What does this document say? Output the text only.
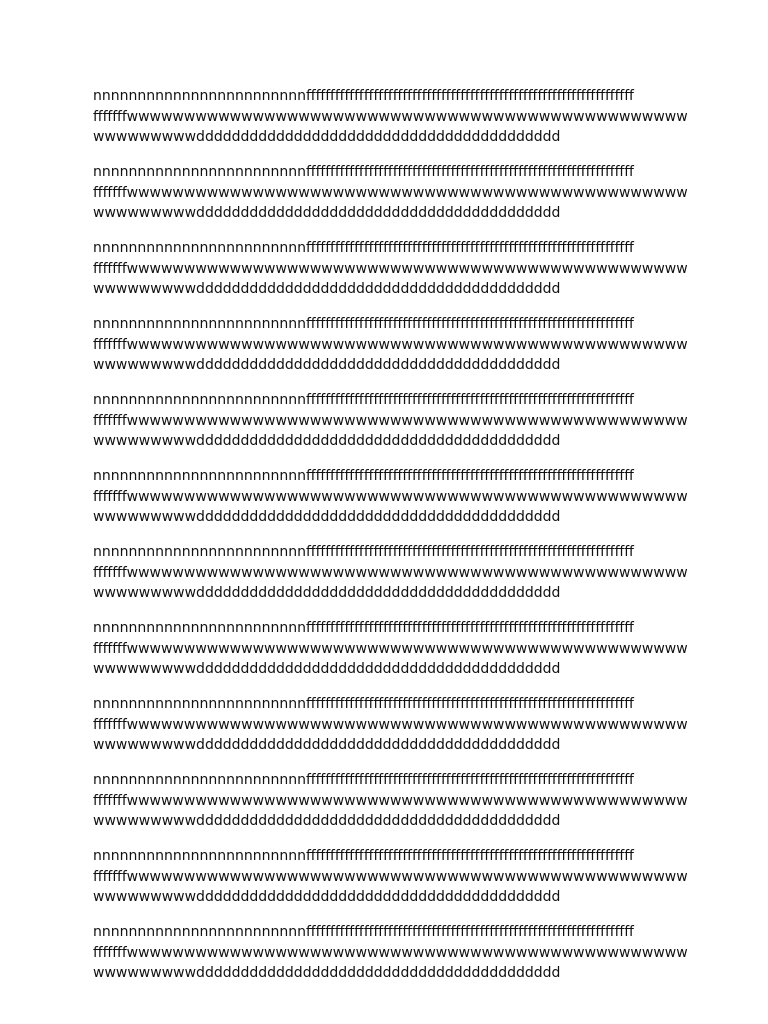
nnnnnnnnnnnnnnnnnnnnnnnnffffffffffffffffffffffffffffffffffffffffffffffffffffffffffffffffffff
fffffffwwwwwwwwwwwwwwwwwwwwwwwwwwwwwwwwwwwwwwwwwwwwwwwww
wwwwwwwwwddddddddddddddddddddddddddddddddddddddddd
nnnnnnnnnnnnnnnnnnnnnnnnffffffffffffffffffffffffffffffffffffffffffffffffffffffffffffffffffff
fffffffwwwwwwwwwwwwwwwwwwwwwwwwwwwwwwwwwwwwwwwwwwwwwwwww
wwwwwwwwwddddddddddddddddddddddddddddddddddddddddd
nnnnnnnnnnnnnnnnnnnnnnnnffffffffffffffffffffffffffffffffffffffffffffffffffffffffffffffffffff
fffffffwwwwwwwwwwwwwwwwwwwwwwwwwwwwwwwwwwwwwwwwwwwwwwwww
wwwwwwwwwddddddddddddddddddddddddddddddddddddddddd
nnnnnnnnnnnnnnnnnnnnnnnnffffffffffffffffffffffffffffffffffffffffffffffffffffffffffffffffffff
fffffffwwwwwwwwwwwwwwwwwwwwwwwwwwwwwwwwwwwwwwwwwwwwwwwww
wwwwwwwwwddddddddddddddddddddddddddddddddddddddddd
nnnnnnnnnnnnnnnnnnnnnnnnffffffffffffffffffffffffffffffffffffffffffffffffffffffffffffffffffff
fffffffwwwwwwwwwwwwwwwwwwwwwwwwwwwwwwwwwwwwwwwwwwwwwwwww
wwwwwwwwwddddddddddddddddddddddddddddddddddddddddd
nnnnnnnnnnnnnnnnnnnnnnnnffffffffffffffffffffffffffffffffffffffffffffffffffffffffffffffffffff
fffffffwwwwwwwwwwwwwwwwwwwwwwwwwwwwwwwwwwwwwwwwwwwwwwwww
wwwwwwwwwddddddddddddddddddddddddddddddddddddddddd
nnnnnnnnnnnnnnnnnnnnnnnnffffffffffffffffffffffffffffffffffffffffffffffffffffffffffffffffffff
fffffffwwwwwwwwwwwwwwwwwwwwwwwwwwwwwwwwwwwwwwwwwwwwwwwww
wwwwwwwwwddddddddddddddddddddddddddddddddddddddddd
nnnnnnnnnnnnnnnnnnnnnnnnffffffffffffffffffffffffffffffffffffffffffffffffffffffffffffffffffff
fffffffwwwwwwwwwwwwwwwwwwwwwwwwwwwwwwwwwwwwwwwwwwwwwwwww
wwwwwwwwwddddddddddddddddddddddddddddddddddddddddd
nnnnnnnnnnnnnnnnnnnnnnnnffffffffffffffffffffffffffffffffffffffffffffffffffffffffffffffffffff
fffffffwwwwwwwwwwwwwwwwwwwwwwwwwwwwwwwwwwwwwwwwwwwwwwwww
wwwwwwwwwddddddddddddddddddddddddddddddddddddddddd
nnnnnnnnnnnnnnnnnnnnnnnnffffffffffffffffffffffffffffffffffffffffffffffffffffffffffffffffffff
fffffffwwwwwwwwwwwwwwwwwwwwwwwwwwwwwwwwwwwwwwwwwwwwwwwww
wwwwwwwwwddddddddddddddddddddddddddddddddddddddddd
nnnnnnnnnnnnnnnnnnnnnnnnffffffffffffffffffffffffffffffffffffffffffffffffffffffffffffffffffff
fffffffwwwwwwwwwwwwwwwwwwwwwwwwwwwwwwwwwwwwwwwwwwwwwwwww
wwwwwwwwwddddddddddddddddddddddddddddddddddddddddd
nnnnnnnnnnnnnnnnnnnnnnnnffffffffffffffffffffffffffffffffffffffffffffffffffffffffffffffffffff
fffffffwwwwwwwwwwwwwwwwwwwwwwwwwwwwwwwwwwwwwwwwwwwwwwwww
wwwwwwwwwddddddddddddddddddddddddddddddddddddddddd
